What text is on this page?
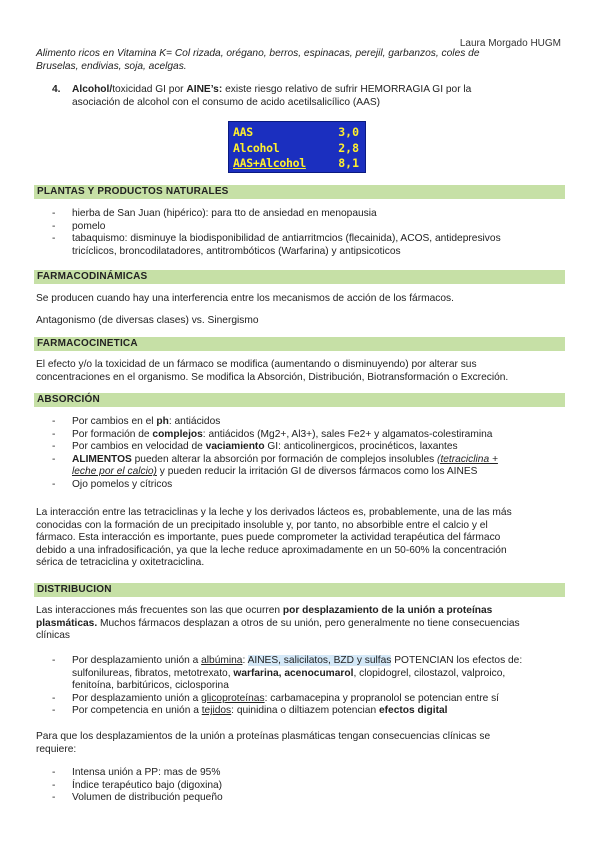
Laura Morgado HUGM
Alimento ricos en Vitamina K= Col rizada, orégano, berros, espinacas, perejil, garbanzos, coles de
Bruselas, endivias, soja, acelgas.
4. Alcohol/toxicidad GI por AINE’s: existe riesgo relativo de sufrir HEMORRAGIA GI por la
asociación de alcohol con el consumo de acido acetilsalicílico (AAS)
AAS	3,0
Alcohol	2,8
AAS+Alcohol	8,1
PLANTAS Y PRODUCTOS NATURALES
- hierba de San Juan (hipérico): para tto de ansiedad en menopausia
- pomelo
- tabaquismo: disminuye la biodisponibilidad de antiarritmcios (flecainida), ACOS, antidepresivos
tricíclicos, broncodilatadores, antitrombóticos (Warfarina) y antipsicoticos
FARMACODINÁMICAS
Se producen cuando hay una interferencia entre los mecanismos de acción de los fármacos.
Antagonismo (de diversas clases) vs. Sinergismo
FARMACOCINETICA
El efecto y/o la toxicidad de un fármaco se modifica (aumentando o disminuyendo) por alterar sus
concentraciones en el organismo. Se modifica la Absorción, Distribución, Biotransformación o Excreción.
ABSORCIÓN
- Por cambios en el ph: antiácidos
- Por formación de complejos: antiácidos (Mg2+, Al3+), sales Fe2+ y algamatos-colestiramina
- Por cambios en velocidad de vaciamiento GI: anticolinergicos, procinéticos, laxantes
- ALIMENTOS pueden alterar la absorción por formación de complejos insolubles (tetraciclina +
leche por el calcio) y pueden reducir la irritación GI de diversos fármacos como los AINES
- Ojo pomelos y cítricos
La interacción entre las tetraciclinas y la leche y los derivados lácteos es, probablemente, una de las más
conocidas con la formación de un precipitado insoluble y, por tanto, no absorbible entre el calcio y el
fármaco. Esta interacción es importante, pues puede comprometer la actividad terapéutica del fármaco
debido a una infradosificación, ya que la leche reduce aproximadamente en un 50-60% la concentración
sérica de tetraciclina y oxitetraciclina.
DISTRIBUCION
Las interacciones más frecuentes son las que ocurren por desplazamiento de la unión a proteínas
plasmáticas. Muchos fármacos desplazan a otros de su unión, pero generalmente no tiene consecuencias
clínicas
- Por desplazamiento unión a albúmina: AINES, salicilatos, BZD y sulfas POTENCIAN los efectos de:
sulfonilureas, fibratos, metotrexato, warfarina, acenocumarol, clopidogrel, cilostazol, valproico,
fenitoína, barbitúricos, ciclosporina
- Por desplazamiento unión a glicoproteínas: carbamacepina y propranolol se potencian entre sí
- Por competencia en unión a tejidos: quinidina o diltiazem potencian efectos digital
Para que los desplazamientos de la unión a proteínas plasmáticas tengan consecuencias clínicas se
requiere:
- Intensa unión a PP: mas de 95%
- Índice terapéutico bajo (digoxina)
- Volumen de distribución pequeño
